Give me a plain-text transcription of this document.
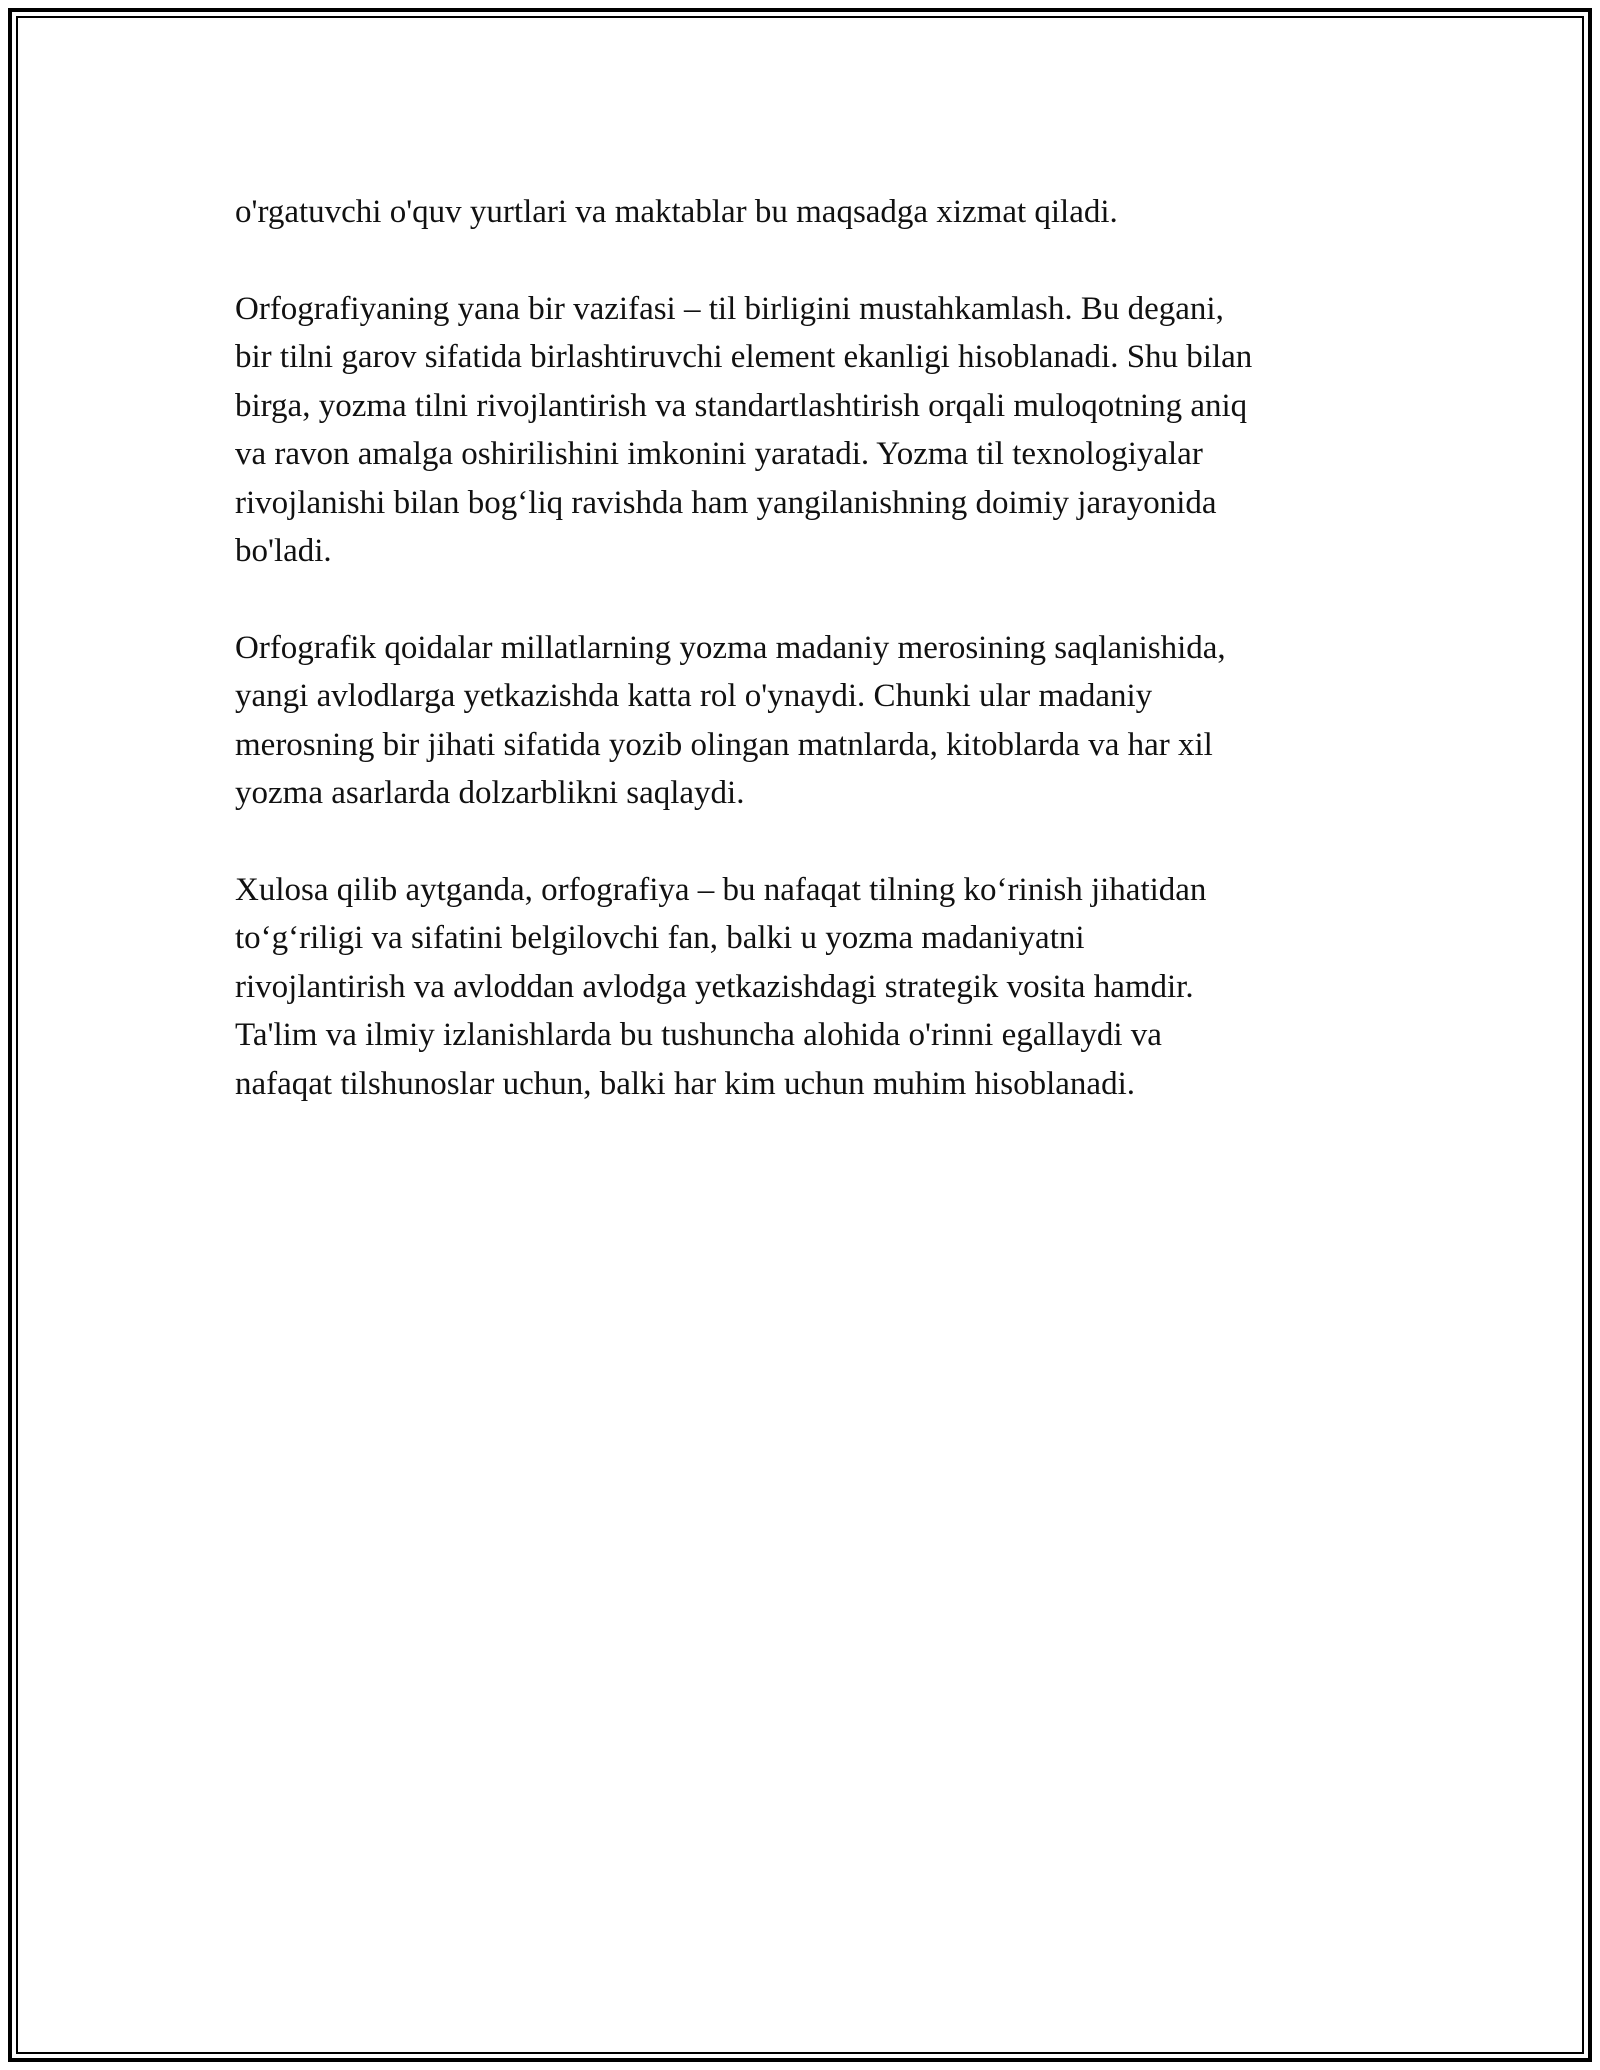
o'rgatuvchi o'quv yurtlari va maktablar bu maqsadga xizmat qiladi.

Orfografiyaning yana bir vazifasi – til birligini mustahkamlash. Bu degani,
bir tilni garov sifatida birlashtiruvchi element ekanligi hisoblanadi. Shu bilan
birga, yozma tilni rivojlantirish va standartlashtirish orqali muloqotning aniq
va ravon amalga oshirilishini imkonini yaratadi. Yozma til texnologiyalar
rivojlanishi bilan bog‘liq ravishda ham yangilanishning doimiy jarayonida
bo'ladi.

Orfografik qoidalar millatlarning yozma madaniy merosining saqlanishida,
yangi avlodlarga yetkazishda katta rol o'ynaydi. Chunki ular madaniy
merosning bir jihati sifatida yozib olingan matnlarda, kitoblarda va har xil
yozma asarlarda dolzarblikni saqlaydi.

Xulosa qilib aytganda, orfografiya – bu nafaqat tilning ko‘rinish jihatidan
to‘g‘riligi va sifatini belgilovchi fan, balki u yozma madaniyatni
rivojlantirish va avloddan avlodga yetkazishdagi strategik vosita hamdir.
Ta'lim va ilmiy izlanishlarda bu tushuncha alohida o'rinni egallaydi va
nafaqat tilshunoslar uchun, balki har kim uchun muhim hisoblanadi.
